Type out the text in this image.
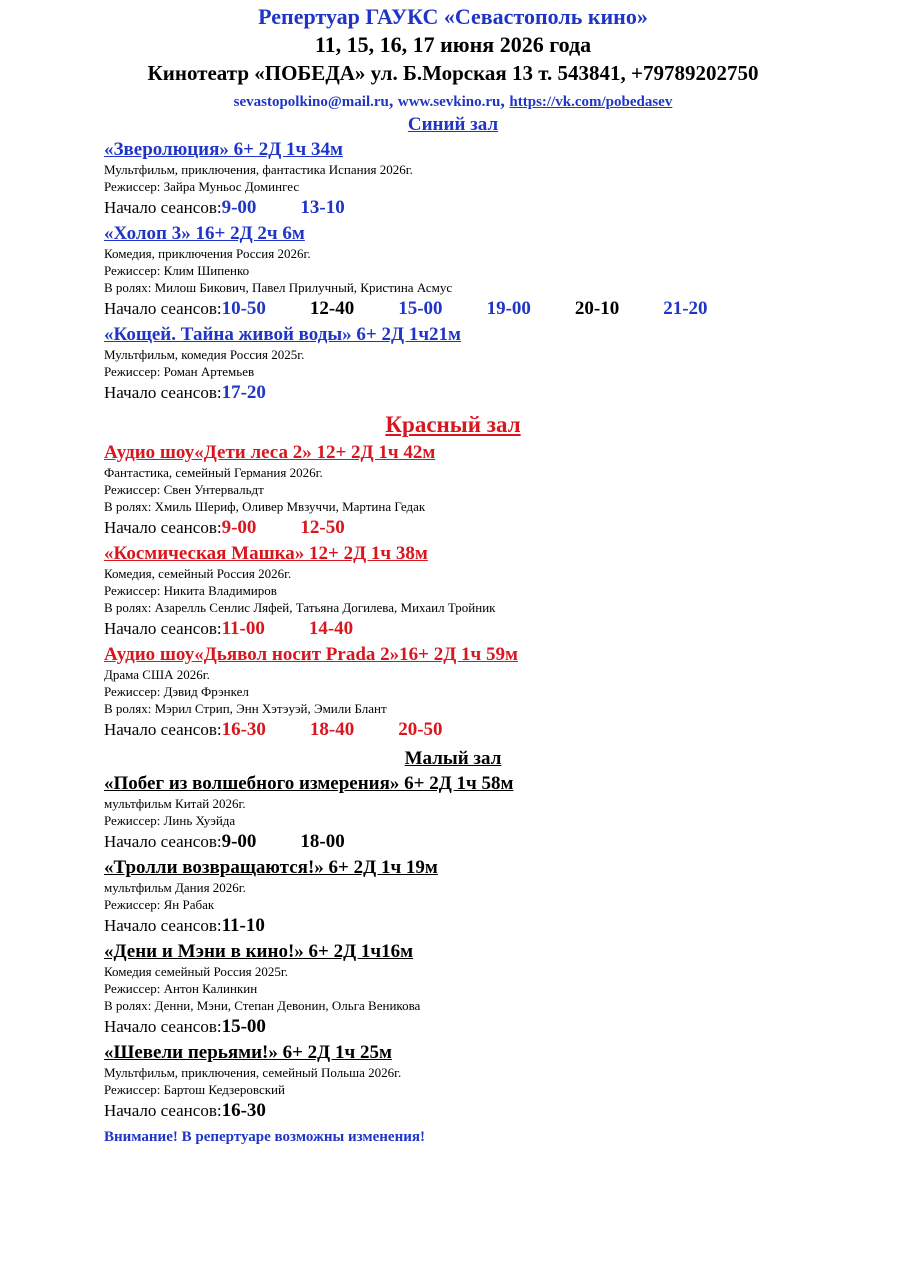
Репертуар ГАУКС «Севастополь кино»
11, 15, 16, 17 июня 2026 года
Кинотеатр «ПОБЕДА» ул. Б.Морская 13 т. 543841, +79789202750
sevastopolkino@mail.ru, www.sevkino.ru, https://vk.com/pobedasev
Синий зал
«Зверолюция» 6+ 2Д 1ч 34м
Мультфильм, приключения, фантастика Испания 2026г.
Режиссер: Зайра Муньос Домингес
Начало сеансов:9-00 13-10
«Холоп 3» 16+ 2Д 2ч 6м
Комедия, приключения Россия 2026г.
Режиссер: Клим Шипенко
В ролях: Милош Бикович, Павел Прилучный, Кристина Асмус
Начало сеансов:10-50 12-40 15-00 19-00 20-10 21-20
«Кощей. Тайна живой воды» 6+ 2Д 1ч21м
Мультфильм, комедия Россия 2025г.
Режиссер: Роман Артемьев
Начало сеансов:17-20
Красный зал
Аудио шоу«Дети леса 2» 12+ 2Д 1ч 42м
Фантастика, семейный Германия 2026г.
Режиссер: Свен Унтервальдт
В ролях: Хмиль Шериф, Оливер Мвзуччи, Мартина Гедак
Начало сеансов:9-00 12-50
«Космическая Машка» 12+ 2Д 1ч 38м
Комедия, семейный Россия 2026г.
Режиссер: Никита Владимиров
В ролях: Азарелль Сенлис Ляфей, Татьяна Догилева, Михаил Тройник
Начало сеансов:11-00 14-40
Аудио шоу«Дьявол носит Prada 2»16+ 2Д 1ч 59м
Драма США 2026г.
Режиссер: Дэвид Фрэнкел
В ролях: Мэрил Стрип, Энн Хэтэуэй, Эмили Блант
Начало сеансов:16-30 18-40 20-50
Малый зал
«Побег из волшебного измерения» 6+ 2Д 1ч 58м
мультфильм Китай 2026г.
Режиссер: Линь Хуэйда
Начало сеансов:9-00 18-00
«Тролли возвращаются!» 6+ 2Д 1ч 19м
мультфильм Дания 2026г.
Режиссер: Ян Рабак
Начало сеансов:11-10
«Дени и Мэни в кино!» 6+ 2Д 1ч16м
Комедия семейный Россия 2025г.
Режиссер: Антон Калинкин
В ролях: Денни, Мэни, Степан Девонин, Ольга Веникова
Начало сеансов:15-00
«Шевели перьями!» 6+ 2Д 1ч 25м
Мультфильм, приключения, семейный Польша 2026г.
Режиссер: Бартош Кедзеровский
Начало сеансов:16-30
Внимание! В репертуаре возможны изменения!
